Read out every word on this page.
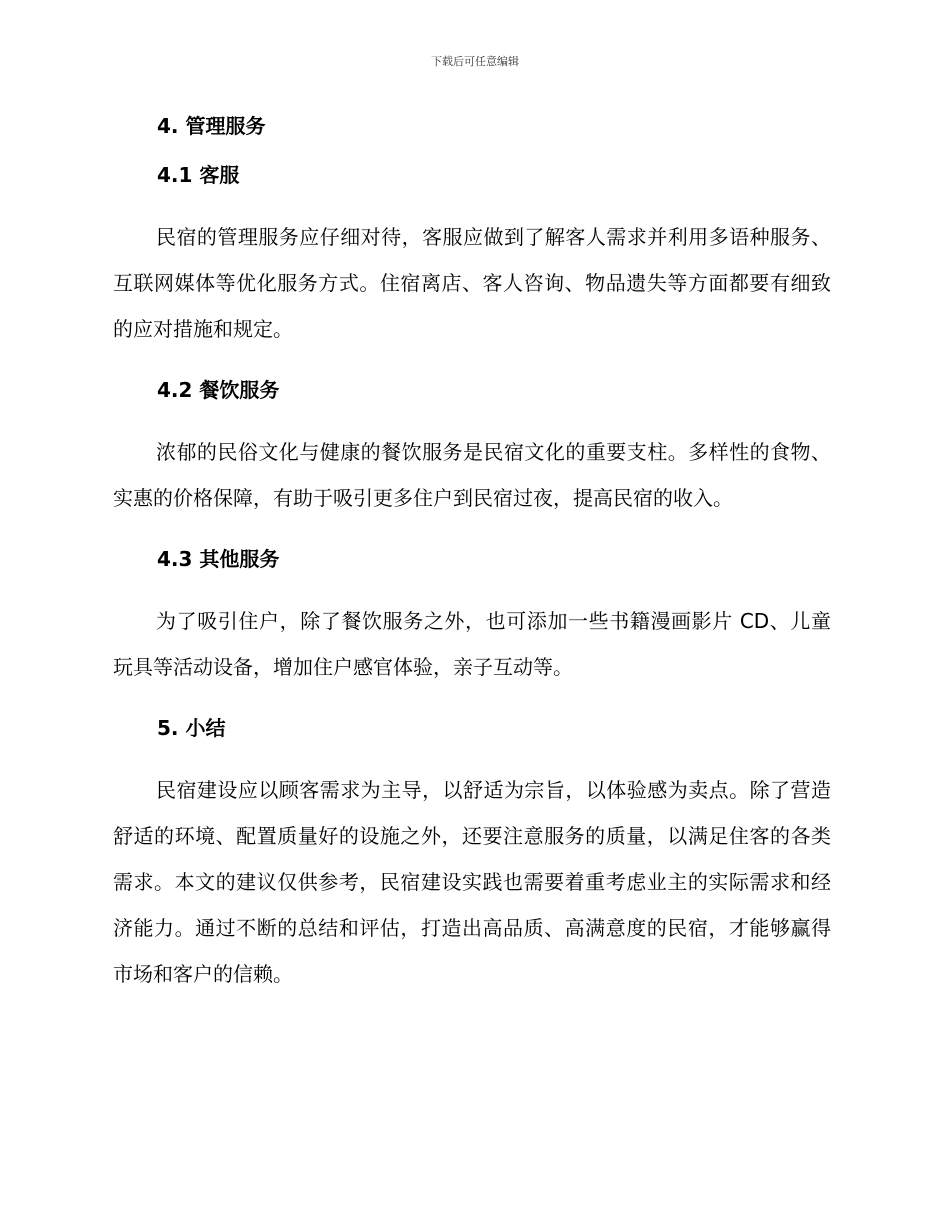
下载后可任意编辑
4. 管理服务
4.1 客服

民宿的管理服务应仔细对待，客服应做到了解客人需求并利用多语种服务、互联网媒体等优化服务方式。住宿离店、客人咨询、物品遗失等方面都要有细致的应对措施和规定。

4.2 餐饮服务

浓郁的民俗文化与健康的餐饮服务是民宿文化的重要支柱。多样性的食物、实惠的价格保障，有助于吸引更多住户到民宿过夜，提高民宿的收入。

4.3 其他服务

为了吸引住户，除了餐饮服务之外，也可添加一些书籍漫画影片 CD、儿童玩具等活动设备，增加住户感官体验，亲子互动等。

5. 小结

民宿建设应以顾客需求为主导，以舒适为宗旨，以体验感为卖点。除了营造舒适的环境、配置质量好的设施之外，还要注意服务的质量，以满足住客的各类需求。本文的建议仅供参考，民宿建设实践也需要着重考虑业主的实际需求和经济能力。通过不断的总结和评估，打造出高品质、高满意度的民宿，才能够赢得市场和客户的信赖。
